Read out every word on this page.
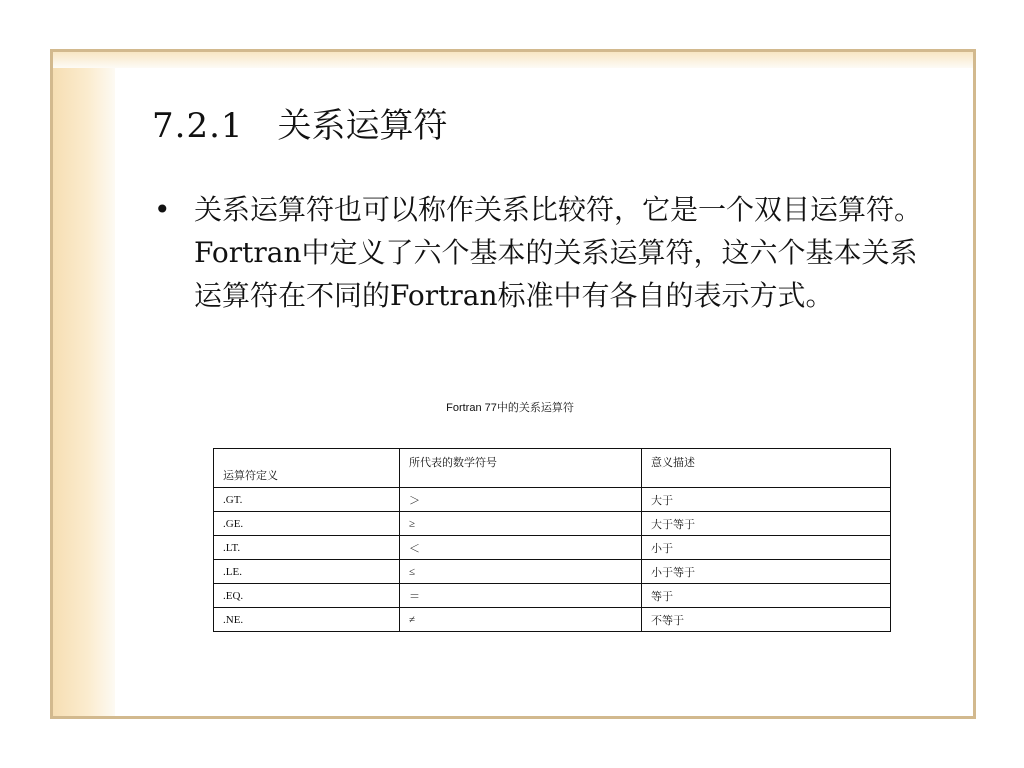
7.2.1 关系运算符
• 关系运算符也可以称作关系比较符，它是一个双目运算符。Fortran中定义了六个基本的关系运算符，这六个基本关系运算符在不同的Fortran标准中有各自的表示方式。

Fortran 77中的关系运算符
运算符定义	所代表的数学符号	意义描述
.GT.	＞	大于
.GE.	≥	大于等于
.LT.	＜	小于
.LE.	≤	小于等于
.EQ.	＝	等于
.NE.	≠	不等于
